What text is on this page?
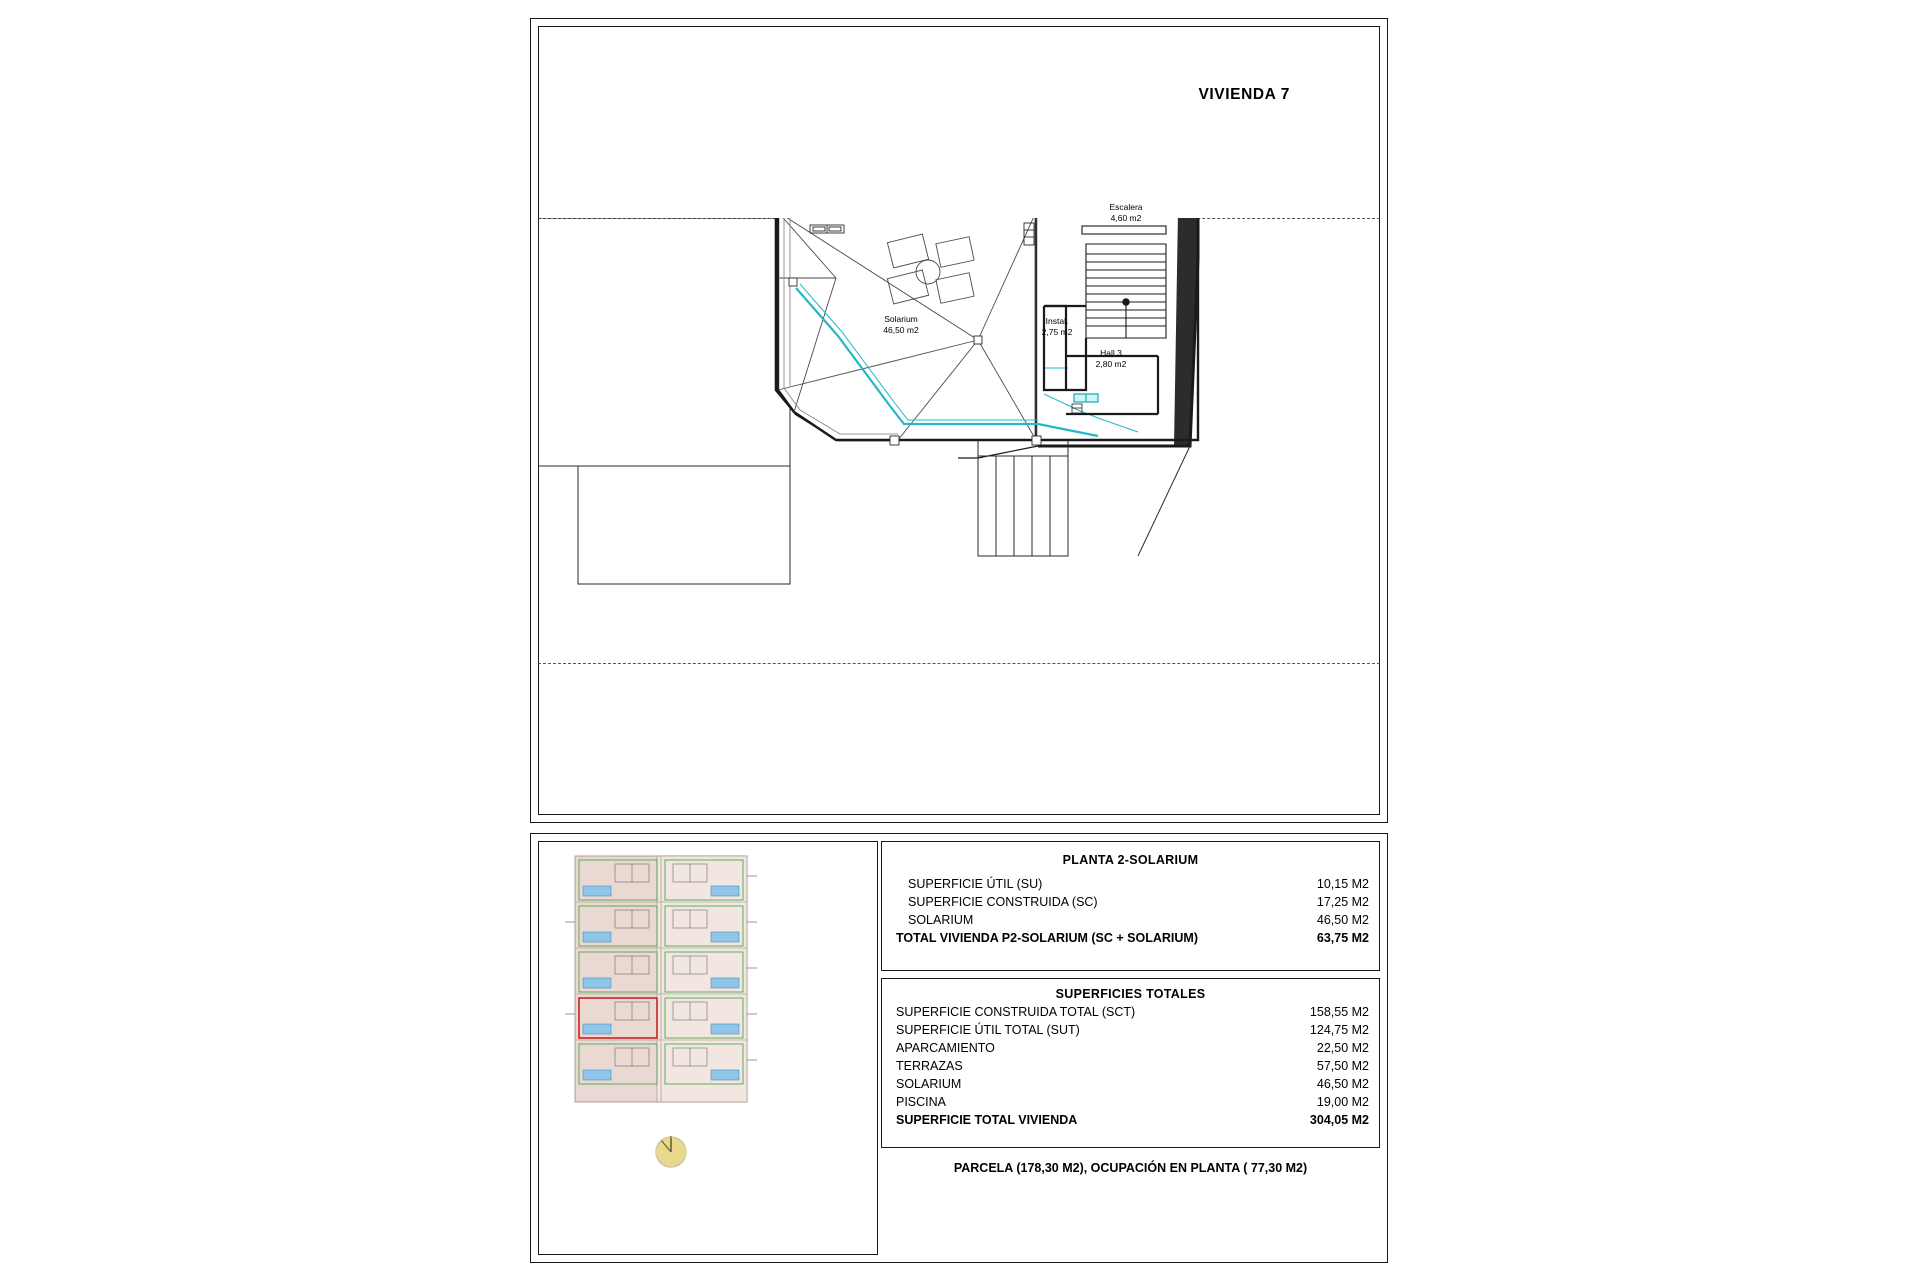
VIVIENDA 7
Solarium
46,50 m2
Escalera
4,60 m2
Instal.
2,75 m2
Hall 3
2,80 m2
PLANTA 2-SOLARIUM
SUPERFICIE ÚTIL (SU)	10,15 M2
SUPERFICIE CONSTRUIDA (SC)	17,25 M2
SOLARIUM	46,50 M2
TOTAL VIVIENDA P2-SOLARIUM (SC + SOLARIUM)	63,75 M2
SUPERFICIES TOTALES
SUPERFICIE CONSTRUIDA TOTAL (SCT)	158,55 M2
SUPERFICIE ÚTIL TOTAL (SUT)	124,75 M2
APARCAMIENTO	22,50 M2
TERRAZAS	57,50 M2
SOLARIUM	46,50 M2
PISCINA	19,00 M2
SUPERFICIE TOTAL VIVIENDA	304,05 M2
PARCELA (178,30 M2), OCUPACIÓN EN PLANTA ( 77,30 M2)
